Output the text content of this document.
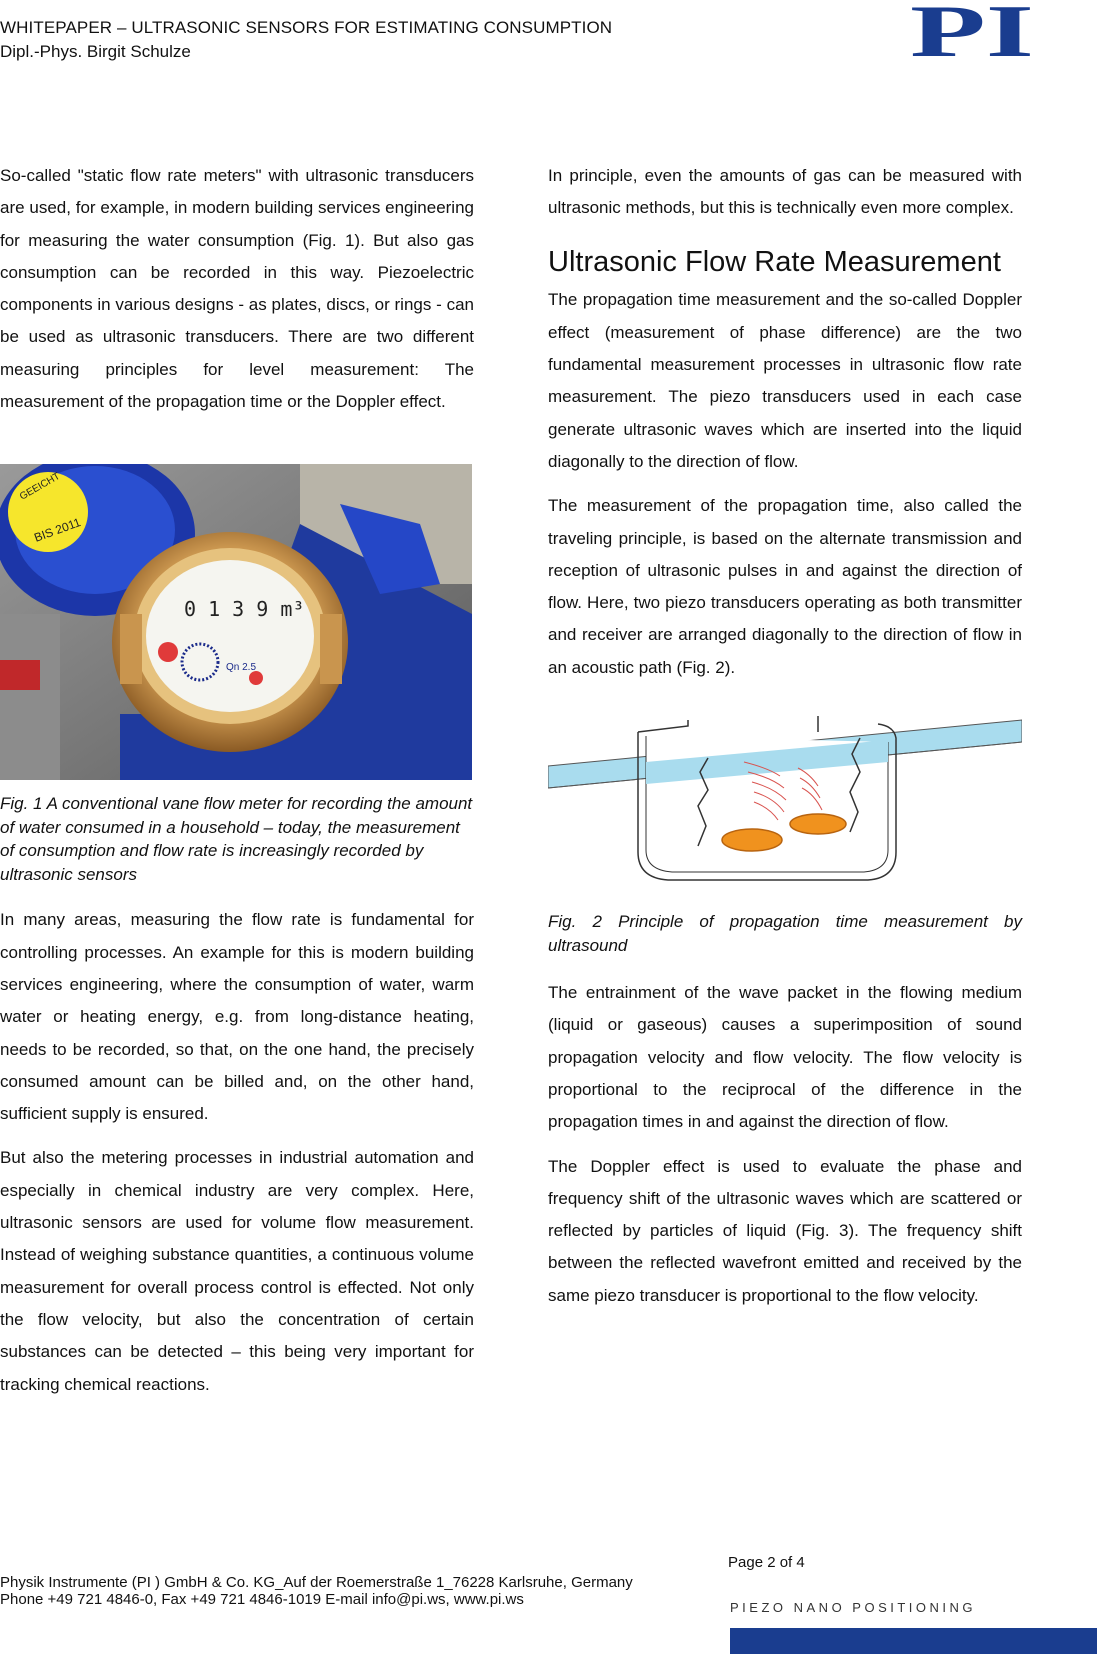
WHITEPAPER – ULTRASONIC SENSORS FOR ESTIMATING CONSUMPTION
Dipl.-Phys. Birgit Schulze	PI

So-called "static flow rate meters" with ultrasonic transducers are used, for example, in modern building services engineering for measuring the water consumption (Fig. 1). But also gas consumption can be recorded in this way. Piezoelectric components in various designs - as plates, discs, or rings - can be used as ultrasonic transducers. There are two different measuring principles for level measurement: The measurement of the propagation time or the Doppler effect.

GEEICHT
BIS 2011
0 1 3 9 m³
Qn 2.5
Fig. 1 A conventional vane flow meter for recording the amount of water consumed in a household – today, the measurement of consumption and flow rate is increasingly recorded by ultrasonic sensors

In many areas, measuring the flow rate is fundamental for controlling processes. An example for this is modern building services engineering, where the consumption of water, warm water or heating energy, e.g. from long-distance heating, needs to be recorded, so that, on the one hand, the precisely consumed amount can be billed and, on the other hand, sufficient supply is ensured.

But also the metering processes in industrial automation and especially in chemical industry are very complex. Here, ultrasonic sensors are used for volume flow measurement. Instead of weighing substance quantities, a continuous volume measurement for overall process control is effected. Not only the flow velocity, but also the concentration of certain substances can be detected – this being very important for tracking chemical reactions.

In principle, even the amounts of gas can be measured with ultrasonic methods, but this is technically even more complex.

Ultrasonic Flow Rate Measurement

The propagation time measurement and the so-called Doppler effect (measurement of phase difference) are the two fundamental measurement processes in ultrasonic flow rate measurement. The piezo transducers used in each case generate ultrasonic waves which are inserted into the liquid diagonally to the direction of flow.

The measurement of the propagation time, also called the traveling principle, is based on the alternate transmission and reception of ultrasonic pulses in and against the direction of flow. Here, two piezo transducers operating as both transmitter and receiver are arranged diagonally to the direction of flow in an acoustic path (Fig. 2).

Fig. 2 Principle of propagation time measurement by ultrasound

The entrainment of the wave packet in the flowing medium (liquid or gaseous) causes a superimposition of sound propagation velocity and flow velocity. The flow velocity is proportional to the reciprocal of the difference in the propagation times in and against the direction of flow.

The Doppler effect is used to evaluate the phase and frequency shift of the ultrasonic waves which are scattered or reflected by particles of liquid (Fig. 3). The frequency shift between the reflected wavefront emitted and received by the same piezo transducer is proportional to the flow velocity.

Page 2 of 4
Physik Instrumente (PI ) GmbH & Co. KG_Auf der Roemerstraße 1_76228 Karlsruhe, Germany
Phone +49 721 4846-0, Fax +49 721 4846-1019 E-mail info@pi.ws, www.pi.ws	PIEZO NANO POSITIONING
